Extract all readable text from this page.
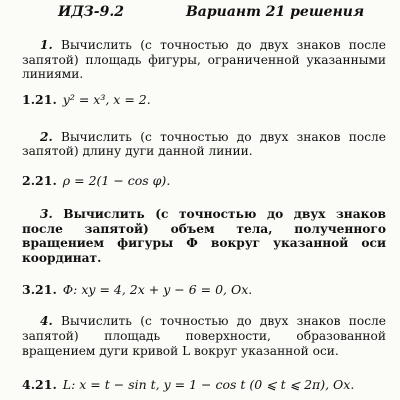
ИДЗ-9.2	Вариант 21 решения

1. Вычислить (с точностью до двух знаков после запятой) площадь фигуры, ограниченной указанными линиями.

1.21. y² = x³, x = 2.

2. Вычислить (с точностью до двух знаков после запятой) длину дуги данной линии.

2.21. ρ = 2(1 − cos φ).

3. Вычислить (с точностью до двух знаков после запятой) объем тела, полученного вращением фигуры Ф вокруг указанной оси координат.

3.21. Ф: xy = 4, 2x + y − 6 = 0, Ox.

4. Вычислить (с точностью до двух знаков после запятой) площадь поверхности, образованной вращением дуги кривой L вокруг указанной оси.

4.21. L: x = t − sin t, y = 1 − cos t (0 ⩽ t ⩽ 2π), Ox.
